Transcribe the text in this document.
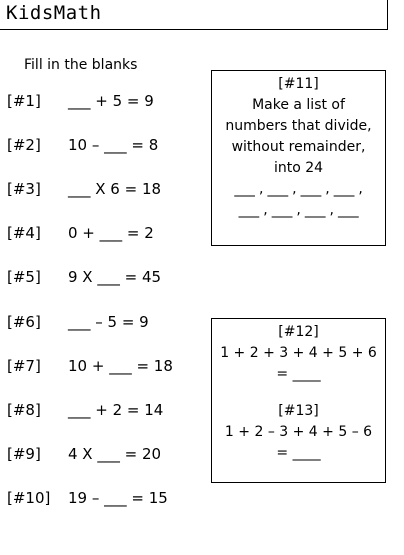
KidsMath
Fill in the blanks
[#1] ___ + 5 = 9
[#2] 10 – ___ = 8
[#3] ___ X 6 = 18
[#4] 0 + ___ = 2
[#5] 9 X ___ = 45
[#6] ___ – 5 = 9
[#7] 10 + ___ = 18
[#8] ___ + 2 = 14
[#9] 4 X ___ = 20
[#10] 19 – ___ = 15
[#11]
Make a list of
numbers that divide,
without remainder,
into 24
___ , ___ , ___ , ___ ,
___ , ___ , ___ , ___
[#12]
1 + 2 + 3 + 4 + 5 + 6
= ____
[#13]
1 + 2 – 3 + 4 + 5 – 6
= ____
